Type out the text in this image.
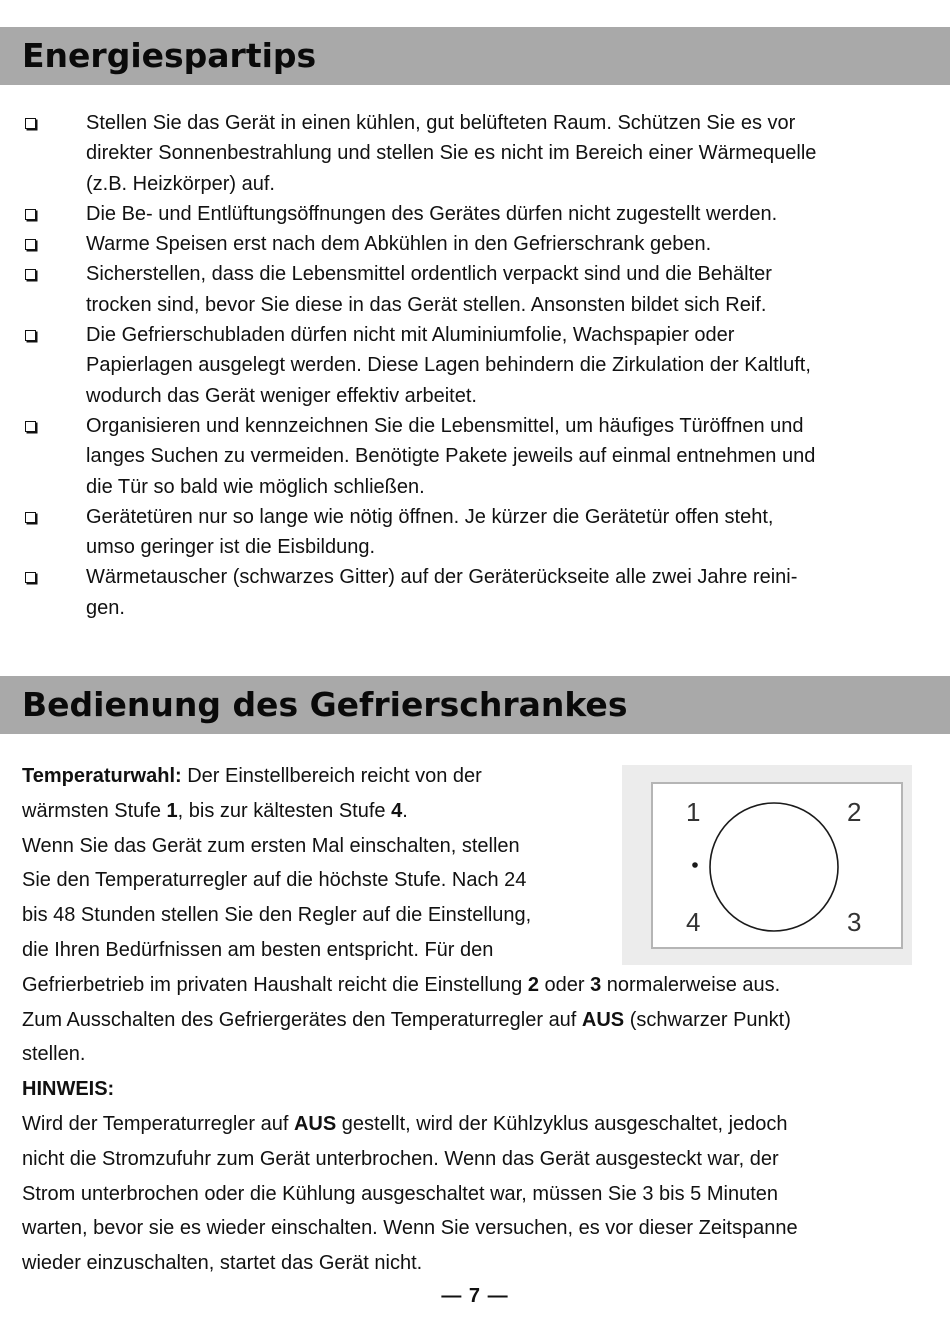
Energiespartips
Stellen Sie das Gerät in einen kühlen, gut belüfteten Raum. Schützen Sie es vor
direkter Sonnenbestrahlung und stellen Sie es nicht im Bereich einer Wärmequelle
(z.B. Heizkörper) auf.
Die Be- und Entlüftungsöffnungen des Gerätes dürfen nicht zugestellt werden.
Warme Speisen erst nach dem Abkühlen in den Gefrierschrank geben.
Sicherstellen, dass die Lebensmittel ordentlich verpackt sind und die Behälter
trocken sind, bevor Sie diese in das Gerät stellen. Ansonsten bildet sich Reif.
Die Gefrierschubladen dürfen nicht mit Aluminiumfolie, Wachspapier oder
Papierlagen ausgelegt werden. Diese Lagen behindern die Zirkulation der Kaltluft,
wodurch das Gerät weniger effektiv arbeitet.
Organisieren und kennzeichnen Sie die Lebensmittel, um häufiges Türöffnen und
langes Suchen zu vermeiden. Benötigte Pakete jeweils auf einmal entnehmen und
die Tür so bald wie möglich schließen.
Gerätetüren nur so lange wie nötig öffnen. Je kürzer die Gerätetür offen steht,
umso geringer ist die Eisbildung.
Wärmetauscher (schwarzes Gitter) auf der Geräterückseite alle zwei Jahre reini-
gen.
Bedienung des Gefrierschrankes
1	2
3
4

Temperaturwahl: Der Einstellbereich reicht von der
wärmsten Stufe 1, bis zur kältesten Stufe 4.
Wenn Sie das Gerät zum ersten Mal einschalten, stellen
Sie den Temperaturregler auf die höchste Stufe. Nach 24
bis 48 Stunden stellen Sie den Regler auf die Einstellung,
die Ihren Bedürfnissen am besten entspricht. Für den
Gefrierbetrieb im privaten Haushalt reicht die Einstellung 2 oder 3 normalerweise aus.
Zum Ausschalten des Gefriergerätes den Temperaturregler auf AUS (schwarzer Punkt)
stellen.

HINWEIS:

Wird der Temperaturregler auf AUS gestellt, wird der Kühlzyklus ausgeschaltet, jedoch
nicht die Stromzufuhr zum Gerät unterbrochen. Wenn das Gerät ausgesteckt war, der
Strom unterbrochen oder die Kühlung ausgeschaltet war, müssen Sie 3 bis 5 Minuten
warten, bevor sie es wieder einschalten. Wenn Sie versuchen, es vor dieser Zeitspanne
wieder einzuschalten, startet das Gerät nicht.

— 7 —
